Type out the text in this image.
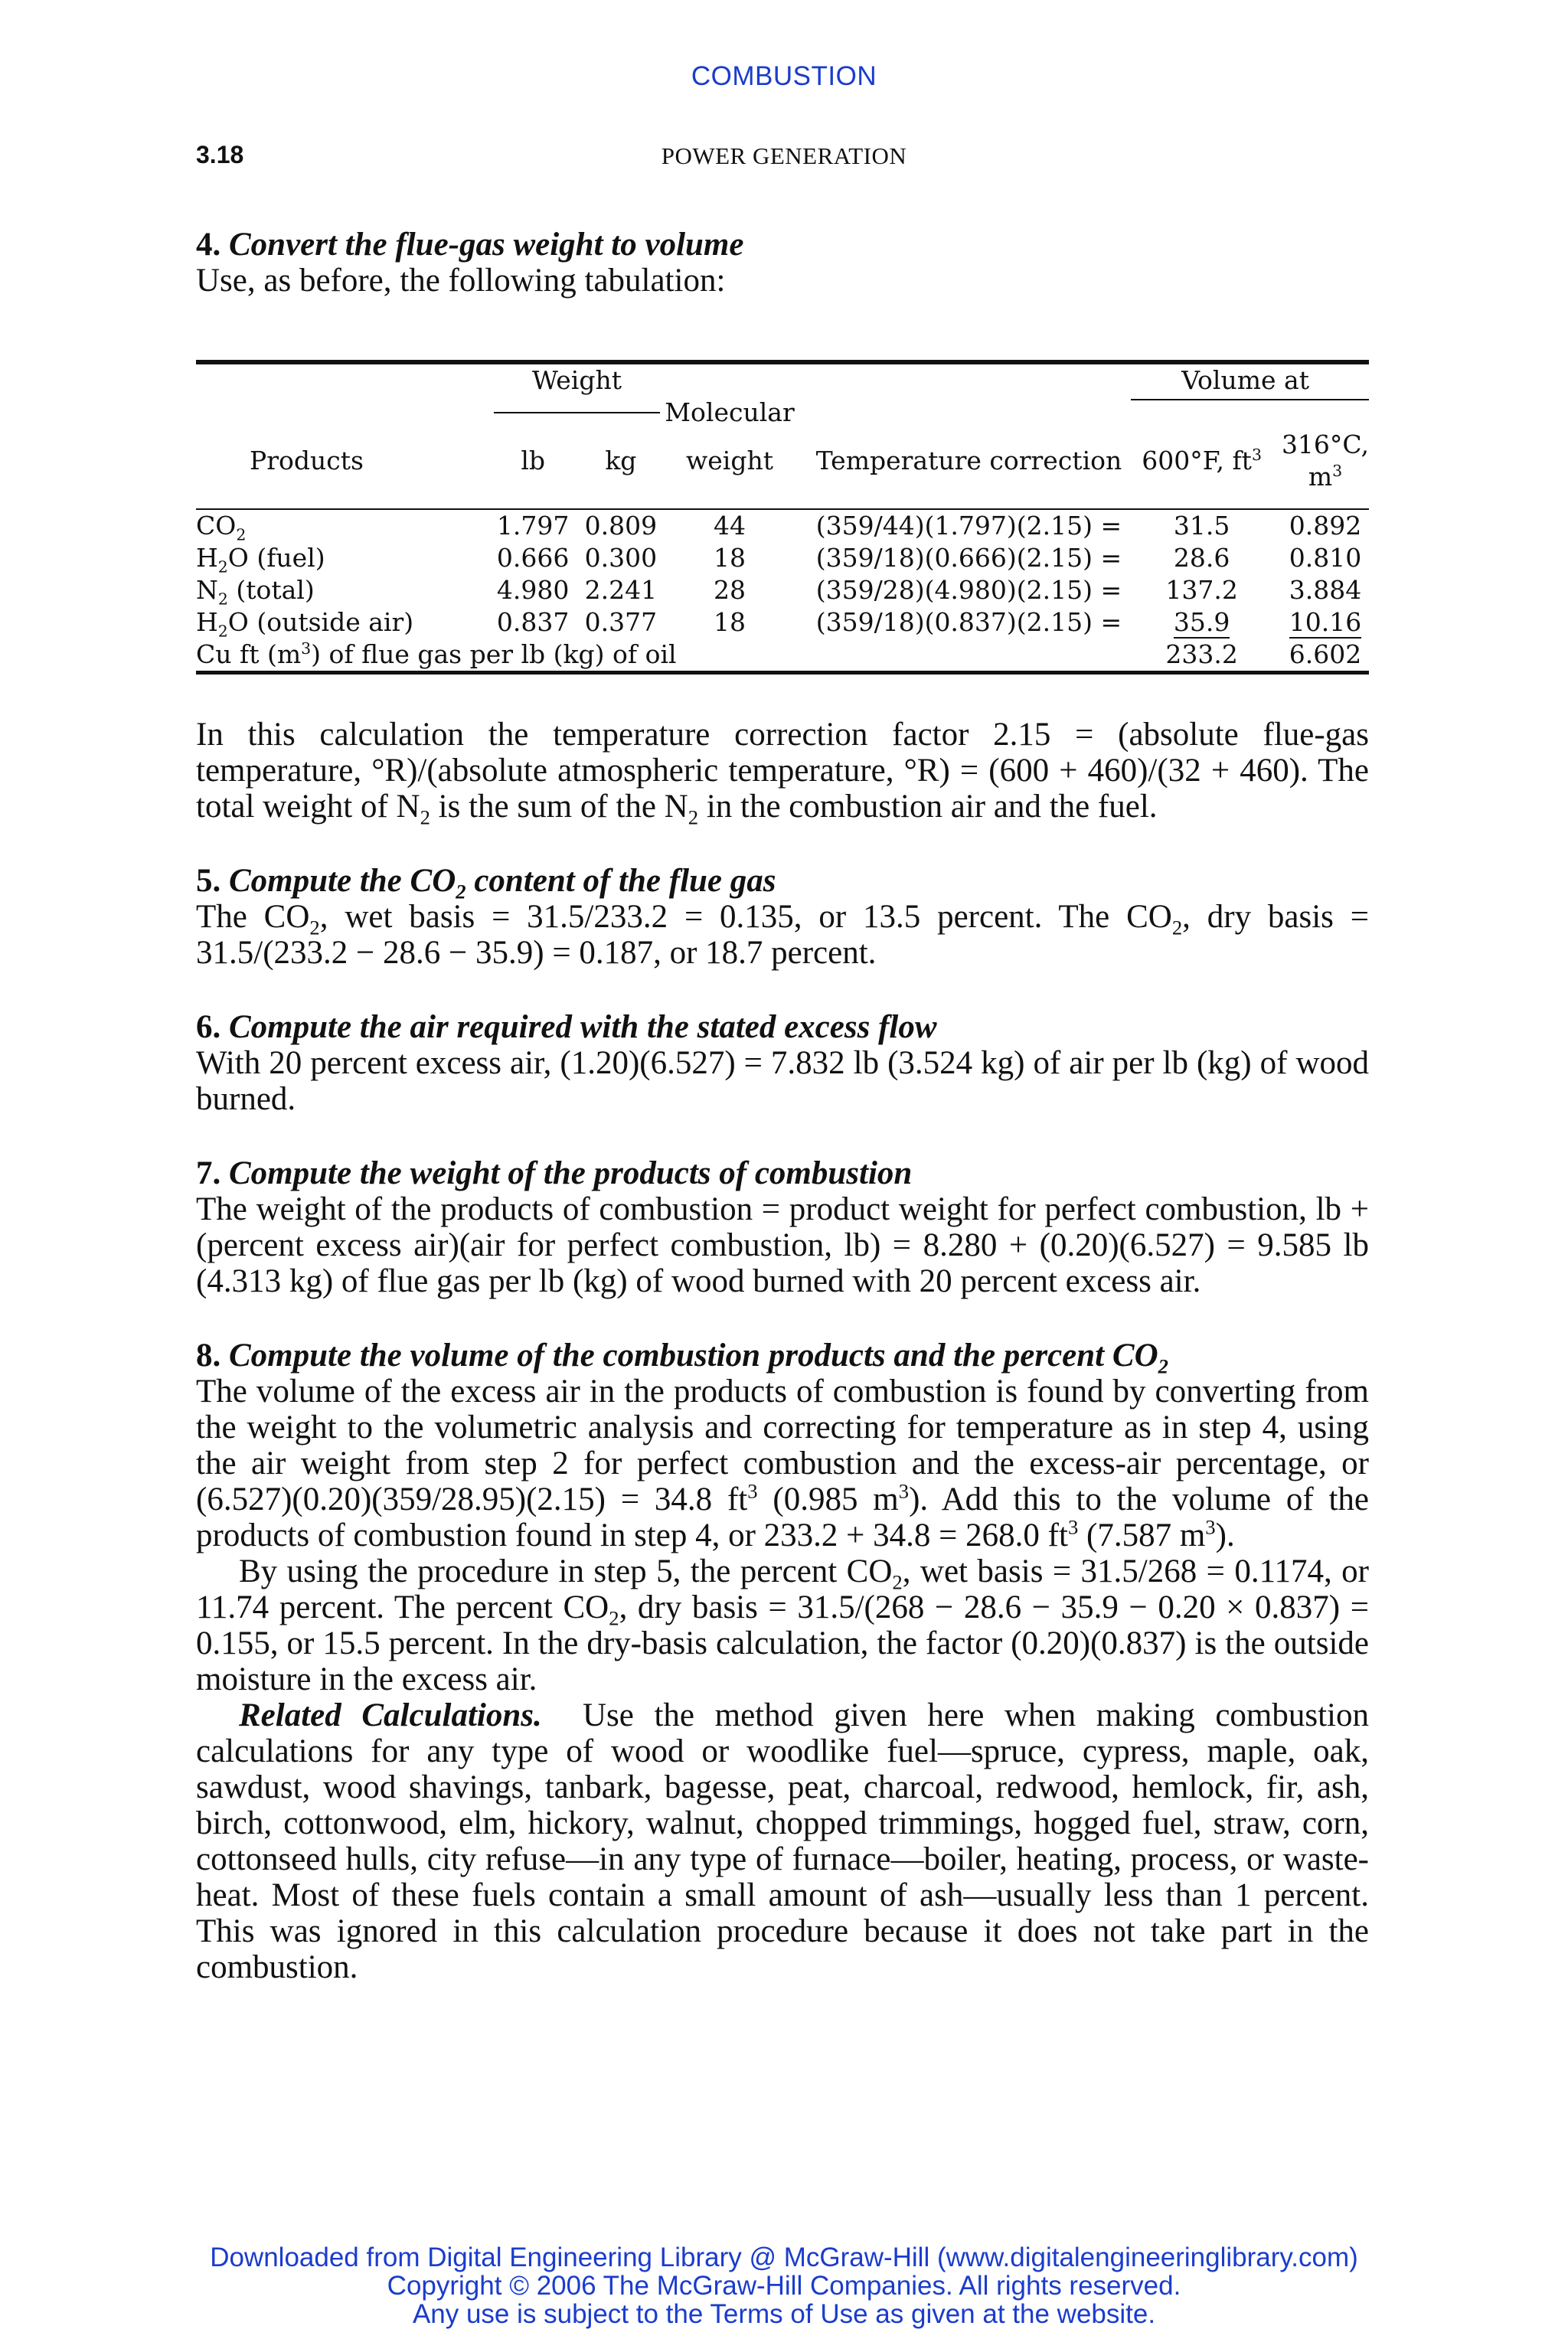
COMBUSTION
3.18	POWER GENERATION

4. Convert the flue-gas weight to volume

Use, as before, the following tabulation:

	Weight				Volume at	

		Molecular			

Products	lb	kg	weight	Temperature correction	600°F, $ft^3$	316°C, $m^3$

$CO_2$	1.797	0.809	44	(359/44)(1.797)(2.15) =	31.5	0.892
$H_2O$ (fuel)	0.666	0.300	18	(359/18)(0.666)(2.15) =	28.6	0.810
$N_2$ (total)	4.980	2.241	28	(359/28)(4.980)(2.15) =	137.2	3.884
$H_2O$ (outside air)	0.837	0.377	18	(359/18)(0.837)(2.15) =	35.9	10.16
Cu ft $(m^3)$ of flue gas per lb (kg) of oil					233.2	6.602

In this calculation the temperature correction factor 2.15 = (absolute flue-gas temperature, °R)/(absolute atmospheric temperature, °R) = (600 + 460)/(32 + 460). The total weight of $N_2$ is the sum of the $N_2$ in the combustion air and the fuel.

5. Compute the $CO_2$ content of the flue gas

The $CO_2$, wet basis = 31.5/233.2 = 0.135, or 13.5 percent. The $CO_2$, dry basis = 31.5/(233.2 − 28.6 − 35.9) = 0.187, or 18.7 percent.

6. Compute the air required with the stated excess flow

With 20 percent excess air, (1.20)(6.527) = 7.832 lb (3.524 kg) of air per lb (kg) of wood burned.

7. Compute the weight of the products of combustion

The weight of the products of combustion = product weight for perfect combustion, lb + (percent excess air)(air for perfect combustion, lb) = 8.280 + (0.20)(6.527) = 9.585 lb (4.313 kg) of flue gas per lb (kg) of wood burned with 20 percent excess air.

8. Compute the volume of the combustion products and the percent $CO_2$

The volume of the excess air in the products of combustion is found by converting from the weight to the volumetric analysis and correcting for temperature as in step 4, using the air weight from step 2 for perfect combustion and the excess-air percentage, or (6.527)(0.20)(359/28.95)(2.15) = 34.8 $ft^3$ (0.985 $m^3$). Add this to the volume of the products of combustion found in step 4, or 233.2 + 34.8 = 268.0 $ft^3$ (7.587 $m^3$).

By using the procedure in step 5, the percent $CO_2$, wet basis = 31.5/268 = 0.1174, or 11.74 percent. The percent $CO_2$, dry basis = 31.5/(268 − 28.6 − 35.9 − 0.20 × 0.837) = 0.155, or 15.5 percent. In the dry-basis calculation, the factor (0.20)(0.837) is the outside moisture in the excess air.

Related Calculations. Use the method given here when making combustion calculations for any type of wood or woodlike fuel—spruce, cypress, maple, oak, sawdust, wood shavings, tanbark, bagesse, peat, charcoal, redwood, hemlock, fir, ash, birch, cottonwood, elm, hickory, walnut, chopped trimmings, hogged fuel, straw, corn, cottonseed hulls, city refuse—in any type of furnace—boiler, heating, process, or waste-heat. Most of these fuels contain a small amount of ash—usually less than 1 percent. This was ignored in this calculation procedure because it does not take part in the combustion.

Downloaded from Digital Engineering Library @ McGraw-Hill (www.digitalengineeringlibrary.com)
Copyright © 2006 The McGraw-Hill Companies. All rights reserved.
Any use is subject to the Terms of Use as given at the website.
